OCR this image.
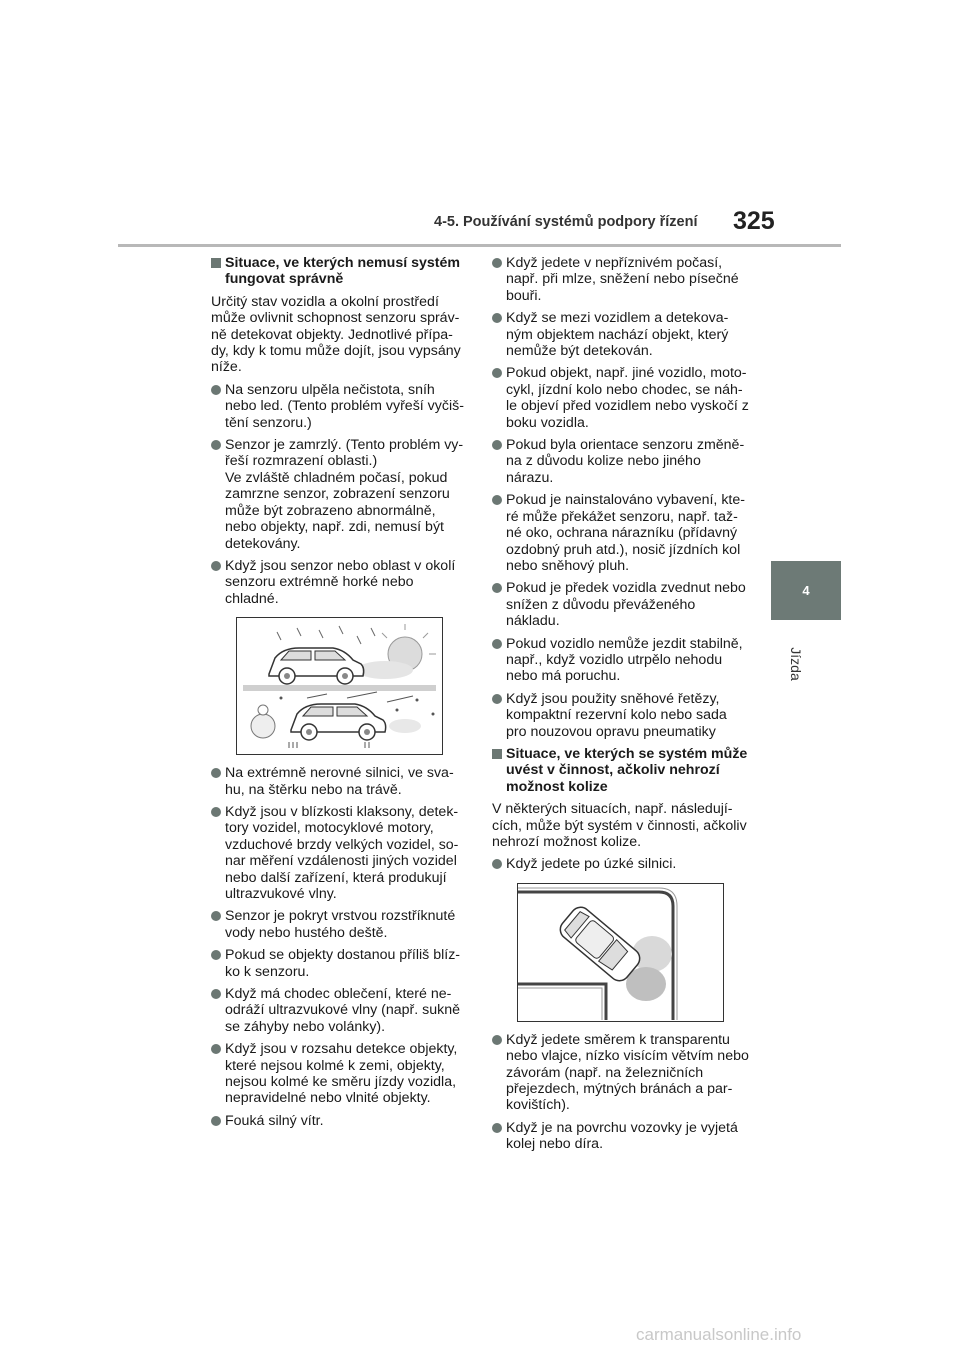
4-5. Používání systémů podpory řízení 325
4
Jízda
Situace, ve kterých nemusí systém fungovat správně
Určitý stav vozidla a okolní prostředí může ovlivnit schopnost senzoru správ-ně detekovat objekty. Jednotlivé přípa-dy, kdy k tomu může dojít, jsou vypsány níže.
Na senzoru ulpěla nečistota, sníh nebo led. (Tento problém vyřeší vyčiš-tění senzoru.)
Senzor je zamrzlý. (Tento problém vy-řeší rozmrazení oblasti.)
Ve zvláště chladném počasí, pokud zamrzne senzor, zobrazení senzoru může být zobrazeno abnormálně, nebo objekty, např. zdi, nemusí být detekovány.
Když jsou senzor nebo oblast v okolí senzoru extrémně horké nebo chladné.
Na extrémně nerovné silnici, ve sva-hu, na štěrku nebo na trávě.
Když jsou v blízkosti klaksony, detek-tory vozidel, motocyklové motory, vzduchové brzdy velkých vozidel, so-nar měření vzdálenosti jiných vozidel nebo další zařízení, která produkují ultrazvukové vlny.
Senzor je pokryt vrstvou rozstříknuté vody nebo hustého deště.
Pokud se objekty dostanou příliš blíz-ko k senzoru.
Když má chodec oblečení, které ne-odráží ultrazvukové vlny (např. sukně se záhyby nebo volánky).
Když jsou v rozsahu detekce objekty, které nejsou kolmé k zemi, objekty, nejsou kolmé ke směru jízdy vozidla, nepravidelné nebo vlnité objekty.
Fouká silný vítr.
Když jedete v nepříznivém počasí, např. při mlze, sněžení nebo písečné bouři.
Když se mezi vozidlem a detekova-ným objektem nachází objekt, který nemůže být detekován.
Pokud objekt, např. jiné vozidlo, moto-cykl, jízdní kolo nebo chodec, se náh-le objeví před vozidlem nebo vyskočí z boku vozidla.
Pokud byla orientace senzoru změně-na z důvodu kolize nebo jiného nárazu.
Pokud je nainstalováno vybavení, kte-ré může překážet senzoru, např. taž-né oko, ochrana nárazníku (přídavný ozdobný pruh atd.), nosič jízdních kol nebo sněhový pluh.
Pokud je předek vozidla zvednut nebo snížen z důvodu převáženého nákladu.
Pokud vozidlo nemůže jezdit stabilně, např., když vozidlo utrpělo nehodu nebo má poruchu.
Když jsou použity sněhové řetězy, kompaktní rezervní kolo nebo sada pro nouzovou opravu pneumatiky
Situace, ve kterých se systém může uvést v činnost, ačkoliv nehrozí možnost kolize
V některých situacích, např. následují-cích, může být systém v činnosti, ačkoliv nehrozí možnost kolize.
Když jedete po úzké silnici.
Když jedete směrem k transparentu nebo vlajce, nízko visícím větvím nebo závorám (např. na železničních přejezdech, mýtných bránách a par-kovištích).
Když je na povrchu vozovky je vyjetá kolej nebo díra.
carmanualsonline.info
